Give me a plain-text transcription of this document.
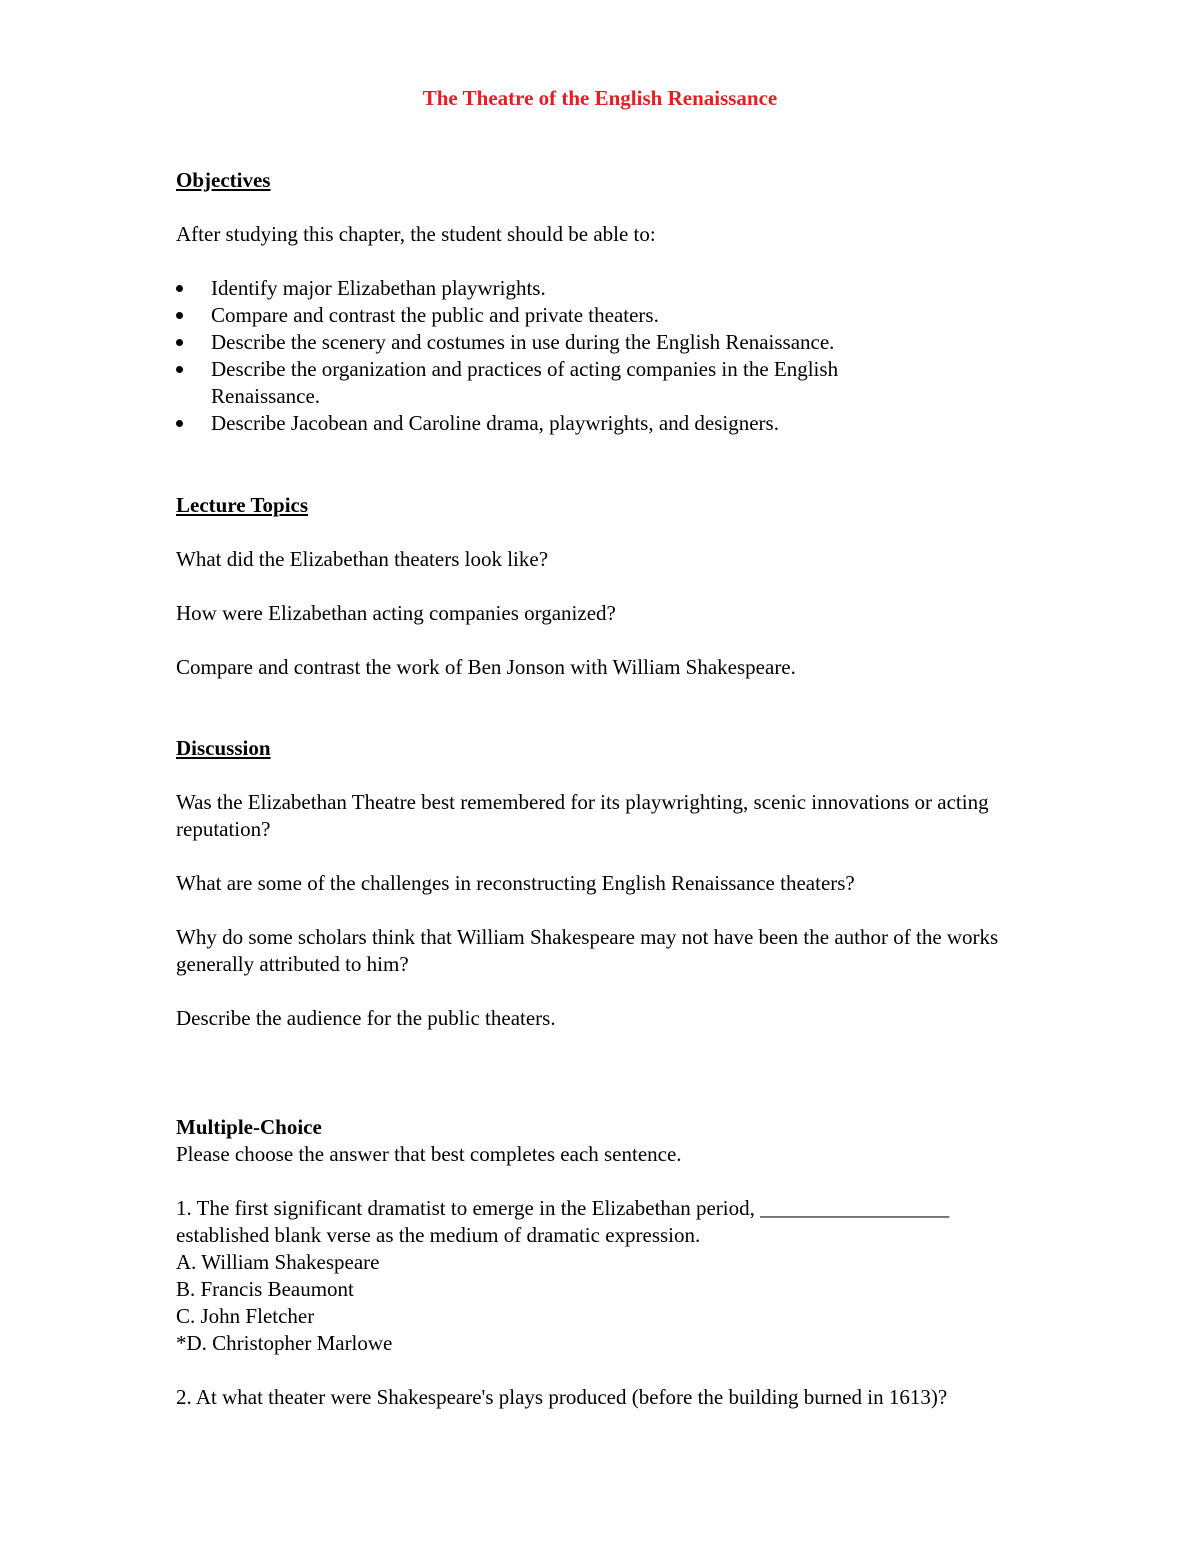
The Theatre of the English Renaissance
Objectives
After studying this chapter, the student should be able to:
Identify major Elizabethan playwrights.
Compare and contrast the public and private theaters.
Describe the scenery and costumes in use during the English Renaissance.
Describe the organization and practices of acting companies in the English Renaissance.
Describe Jacobean and Caroline drama, playwrights, and designers.
Lecture Topics
What did the Elizabethan theaters look like?
How were Elizabethan acting companies organized?
Compare and contrast the work of Ben Jonson with William Shakespeare.
Discussion
Was the Elizabethan Theatre best remembered for its playwrighting, scenic innovations or acting reputation?
What are some of the challenges in reconstructing English Renaissance theaters?
Why do some scholars think that William Shakespeare may not have been the author of the works generally attributed to him?
Describe the audience for the public theaters.
Multiple-Choice
Please choose the answer that best completes each sentence.
1. The first significant dramatist to emerge in the Elizabethan period, __________________
established blank verse as the medium of dramatic expression.
A. William Shakespeare
B. Francis Beaumont
C. John Fletcher
*D. Christopher Marlowe
2. At what theater were Shakespeare's plays produced (before the building burned in 1613)?
